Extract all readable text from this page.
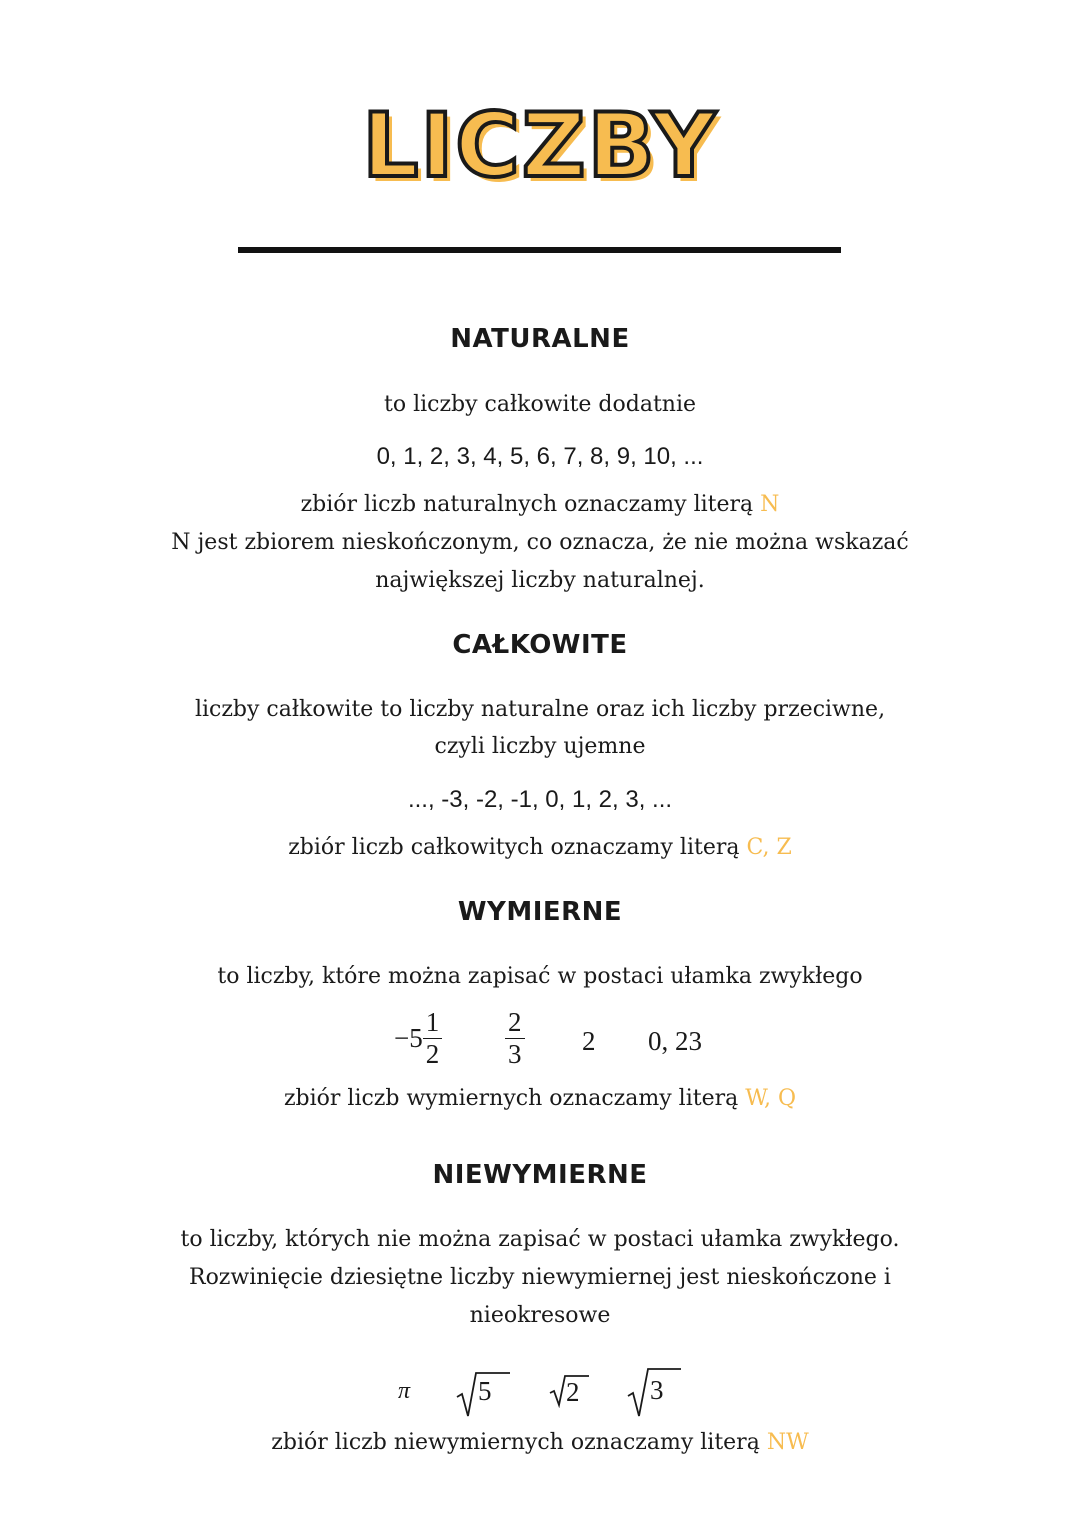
LICZBY
NATURALNE
to liczby całkowite dodatnie
0, 1, 2, 3, 4, 5, 6, 7, 8, 9, 10, ...
zbiór liczb naturalnych oznaczamy literą N
N jest zbiorem nieskończonym, co oznacza, że nie można wskazać
największej liczby naturalnej.
CAŁKOWITE
liczby całkowite to liczby naturalne oraz ich liczby przeciwne,
czyli liczby ujemne
..., -3, -2, -1, 0, 1, 2, 3, ...
zbiór liczb całkowitych oznaczamy literą C, Z
WYMIERNE
to liczby, które można zapisać w postaci ułamka zwykłego
$-5 \frac{1}{2} \frac{2}{3} 2$ 0, 23
zbiór liczb wymiernych oznaczamy literą W, Q
NIEWYMIERNE
to liczby, których nie można zapisać w postaci ułamka zwykłego.
Rozwinięcie dziesiętne liczby niewymiernej jest nieskończone i
nieokresowe
π	5	2	3
zbiór liczb niewymiernych oznaczamy literą NW
